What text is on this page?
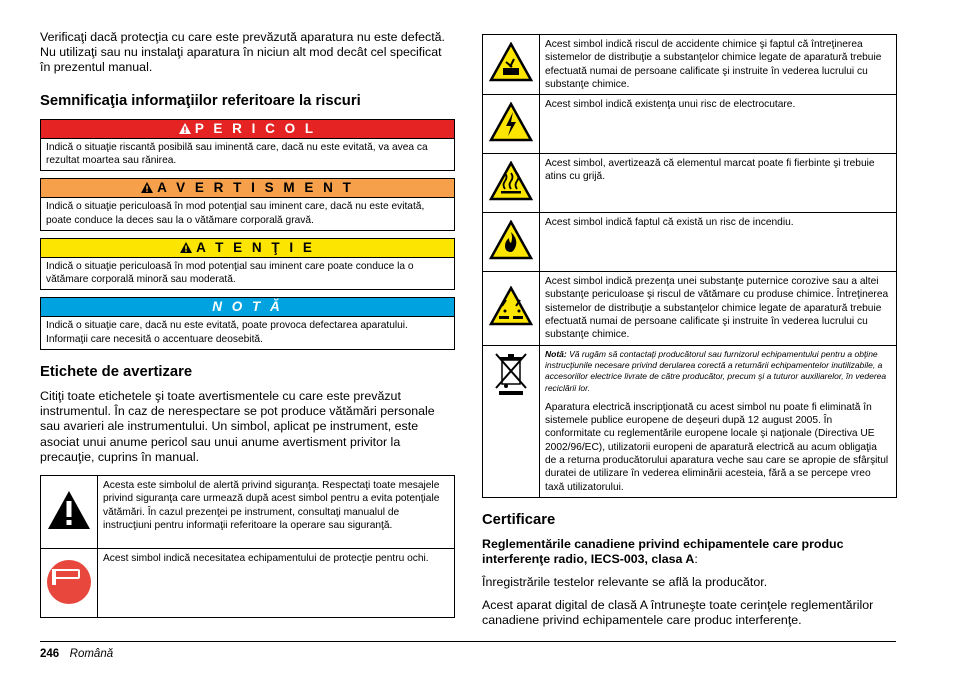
Verificaţi dacă protecţia cu care este prevăzută aparatura nu este defectă. Nu utilizaţi sau nu instalaţi aparatura în niciun alt mod decât cel specificat în prezentul manual.

Semnificaţia informaţiilor referitoare la riscuri
P E R I C O L
Indică o situaţie riscantă posibilă sau iminentă care, dacă nu este evitată, va avea ca rezultat moartea sau rănirea.
A V E R T I S M E N T
Indică o situaţie periculoasă în mod potenţial sau iminent care, dacă nu este evitată, poate conduce la deces sau la o vătămare corporală gravă.
A T E N Ţ I E
Indică o situaţie periculoasă în mod potenţial sau iminent care poate conduce la o vătămare corporală minoră sau moderată.
N O T Ă
Indică o situaţie care, dacă nu este evitată, poate provoca defectarea aparatului. Informaţii care necesită o accentuare deosebită.
Etichete de avertizare

Citiţi toate etichetele şi toate avertismentele cu care este prevăzut instrumentul. În caz de nerespectare se pot produce vătămări personale sau avarieri ale instrumentului. Un simbol, aplicat pe instrument, este asociat unui anume pericol sau unui anume avertisment privitor la precauţie, cuprins în manual.

	Acesta este simbolul de alertă privind siguranţa. Respectaţi toate mesajele privind siguranţa care urmează după acest simbol pentru a evita potenţiale vătămări. În cazul prezenţei pe instrument, consultaţi manualul de instrucţiuni pentru informaţii referitoare la operare sau siguranţă.
	Acest simbol indică necesitatea echipamentului de protecţie pentru ochi.
	Acest simbol indică riscul de accidente chimice şi faptul că întreţinerea sistemelor de distribuţie a substanţelor chimice legate de aparatură trebuie efectuată numai de persoane calificate şi instruite în vederea lucrului cu substanţe chimice.
	Acest simbol indică existenţa unui risc de electrocutare.
	Acest simbol, avertizează că elementul marcat poate fi fierbinte şi trebuie atins cu grijă.
	Acest simbol indică faptul că există un risc de incendiu.
	Acest simbol indică prezenţa unei substanţe puternice corozive sau a altei substanţe periculoase şi riscul de vătămare cu produse chimice. Întreţinerea sistemelor de distribuţie a substanţelor chimice legate de aparatură trebuie efectuată numai de persoane calificate şi instruite în vederea lucrului cu substanţe chimice.

Notă: Vă rugăm să contactaţi producătorul sau furnizorul echipamentului pentru a obţine instrucţiunile necesare privind derularea corectă a returnării echipamentelor inutilizabile, a accesoriilor electrice livrate de către producător, precum şi a tuturor auxiliarelor, în vederea reciclării lor.
Aparatura electrică inscripţionată cu acest simbol nu poate fi eliminată în sistemele publice europene de deşeuri după 12 august 2005. În conformitate cu reglementările europene locale şi naţionale (Directiva UE 2002/96/EC), utilizatorii europeni de aparatură electrică au acum obligaţia de a returna producătorului aparatura veche sau care se apropie de sfârşitul duratei de utilizare în vederea eliminării acesteia, fără a se percepe vreo taxă utilizatorului.
Certificare

Reglementările canadiene privind echipamentele care produc interferenţe radio, IECS-003, clasa A:

Înregistrările testelor relevante se află la producător.

Acest aparat digital de clasă A întruneşte toate cerinţele reglementărilor canadiene privind echipamentele care produc interferenţe.

246 Română
